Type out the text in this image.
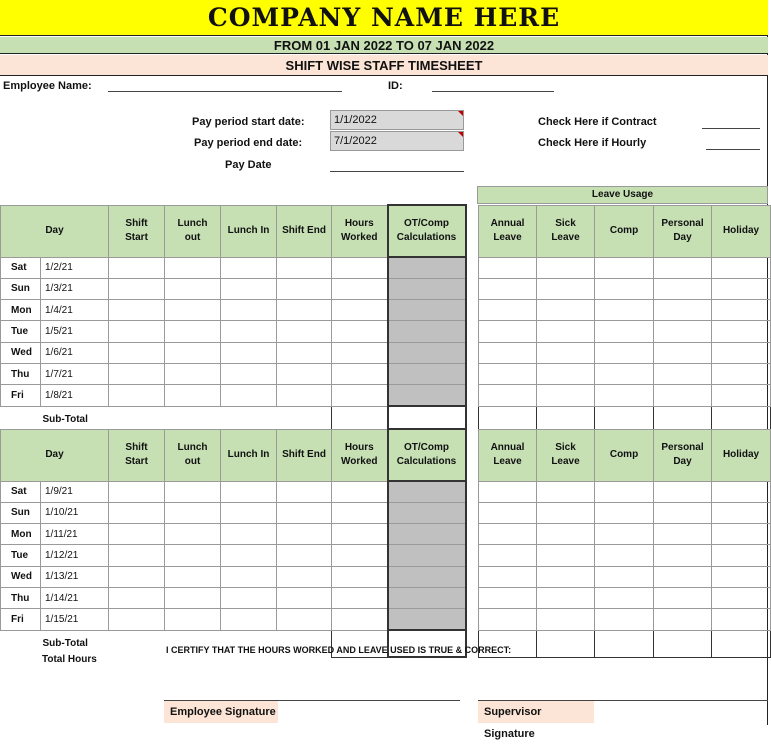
COMPANY NAME HERE
FROM 01 JAN 2022 TO 07 JAN 2022
SHIFT WISE STAFF TIMESHEET
Employee Name:	ID:
Pay period start date:	1/1/2022
Pay period end date:	7/1/2022
Pay Date
Check Here if Contract
Check Here if Hourly
Leave Usage
Day		Shift Start	Lunch out	Lunch In	Shift End	Hours Worked	OT/Comp Calculations		Annual Leave	Sick Leave	Comp	Personal Day	Holiday
Sat	1/2/21												
Sun	1/3/21												
Mon	1/4/21												
Tue	1/5/21												
Wed	1/6/21												
Thu	1/7/21												
Fri	1/8/21												
Sub-Total													
Day		Shift Start	Lunch out	Lunch In	Shift End	Hours Worked	OT/Comp Calculations		Annual Leave	Sick Leave	Comp	Personal Day	Holiday
Sat	1/9/21												
Sun	1/10/21												
Mon	1/11/21												
Tue	1/12/21												
Wed	1/13/21												
Thu	1/14/21												
Fri	1/15/21												
Sub-Total													
Total Hours
I CERTIFY THAT THE HOURS WORKED AND LEAVE USED IS TRUE & CORRECT:
Employee Signature	Supervisor Signature
